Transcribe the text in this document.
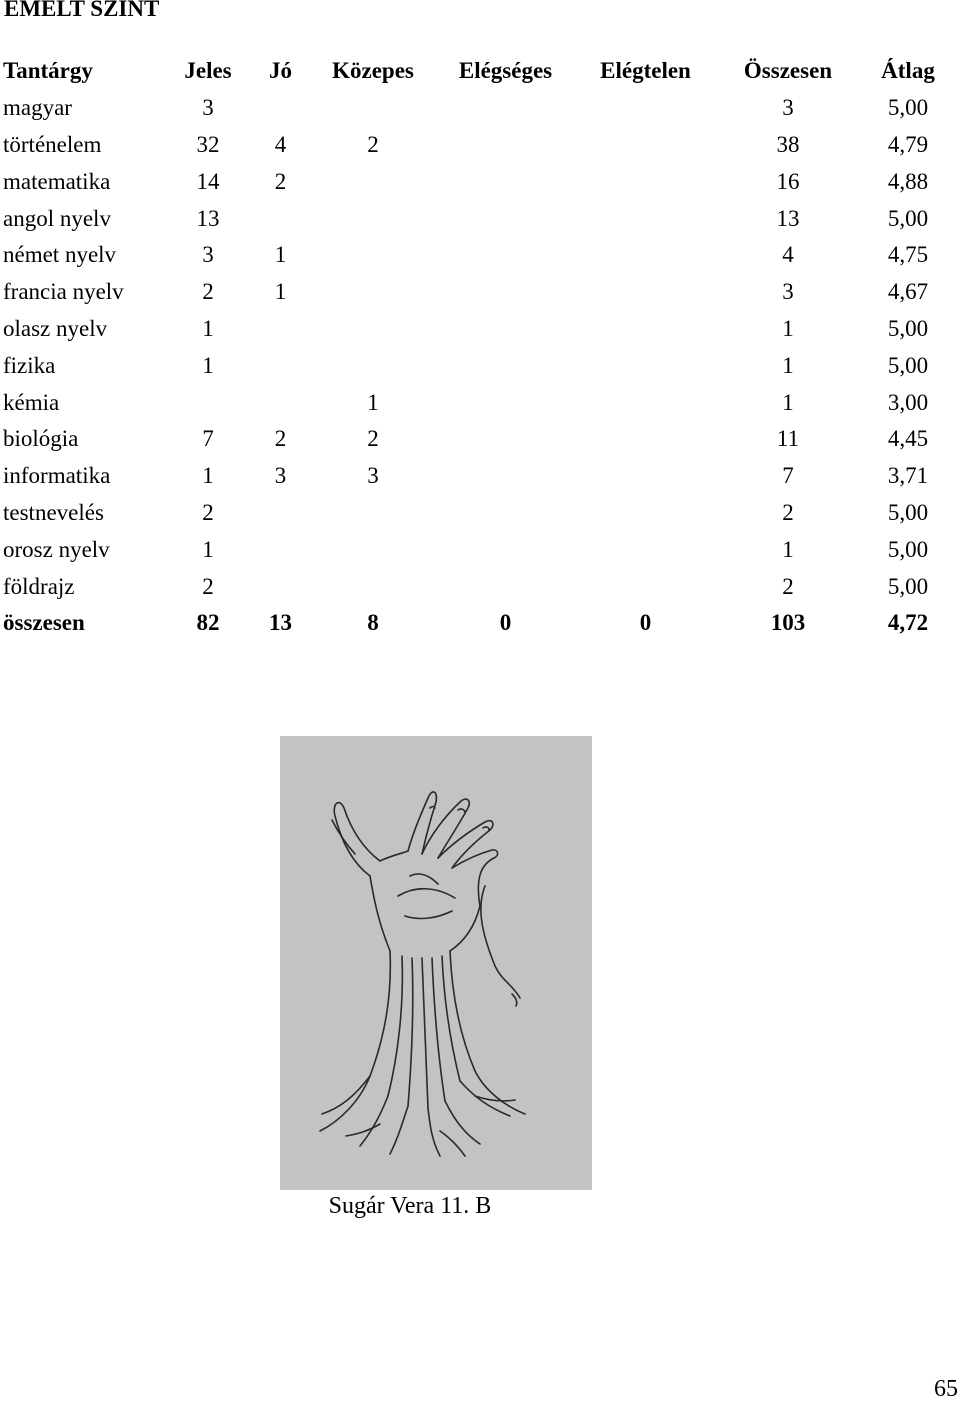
EMELT SZINT
Tantárgy	Jeles	Jó	Közepes	Elégséges	Elégtelen	Összesen	Átlag
magyar	3					3	5,00
történelem	32	4	2			38	4,79
matematika	14	2				16	4,88
angol nyelv	13					13	5,00
német nyelv	3	1				4	4,75
francia nyelv	2	1				3	4,67
olasz nyelv	1					1	5,00
fizika	1					1	5,00
kémia			1			1	3,00
biológia	7	2	2			11	4,45
informatika	1	3	3			7	3,71
testnevelés	2					2	5,00
orosz nyelv	1					1	5,00
földrajz	2					2	5,00
összesen	82	13	8	0	0	103	4,72
Sugár Vera 11. B
65
